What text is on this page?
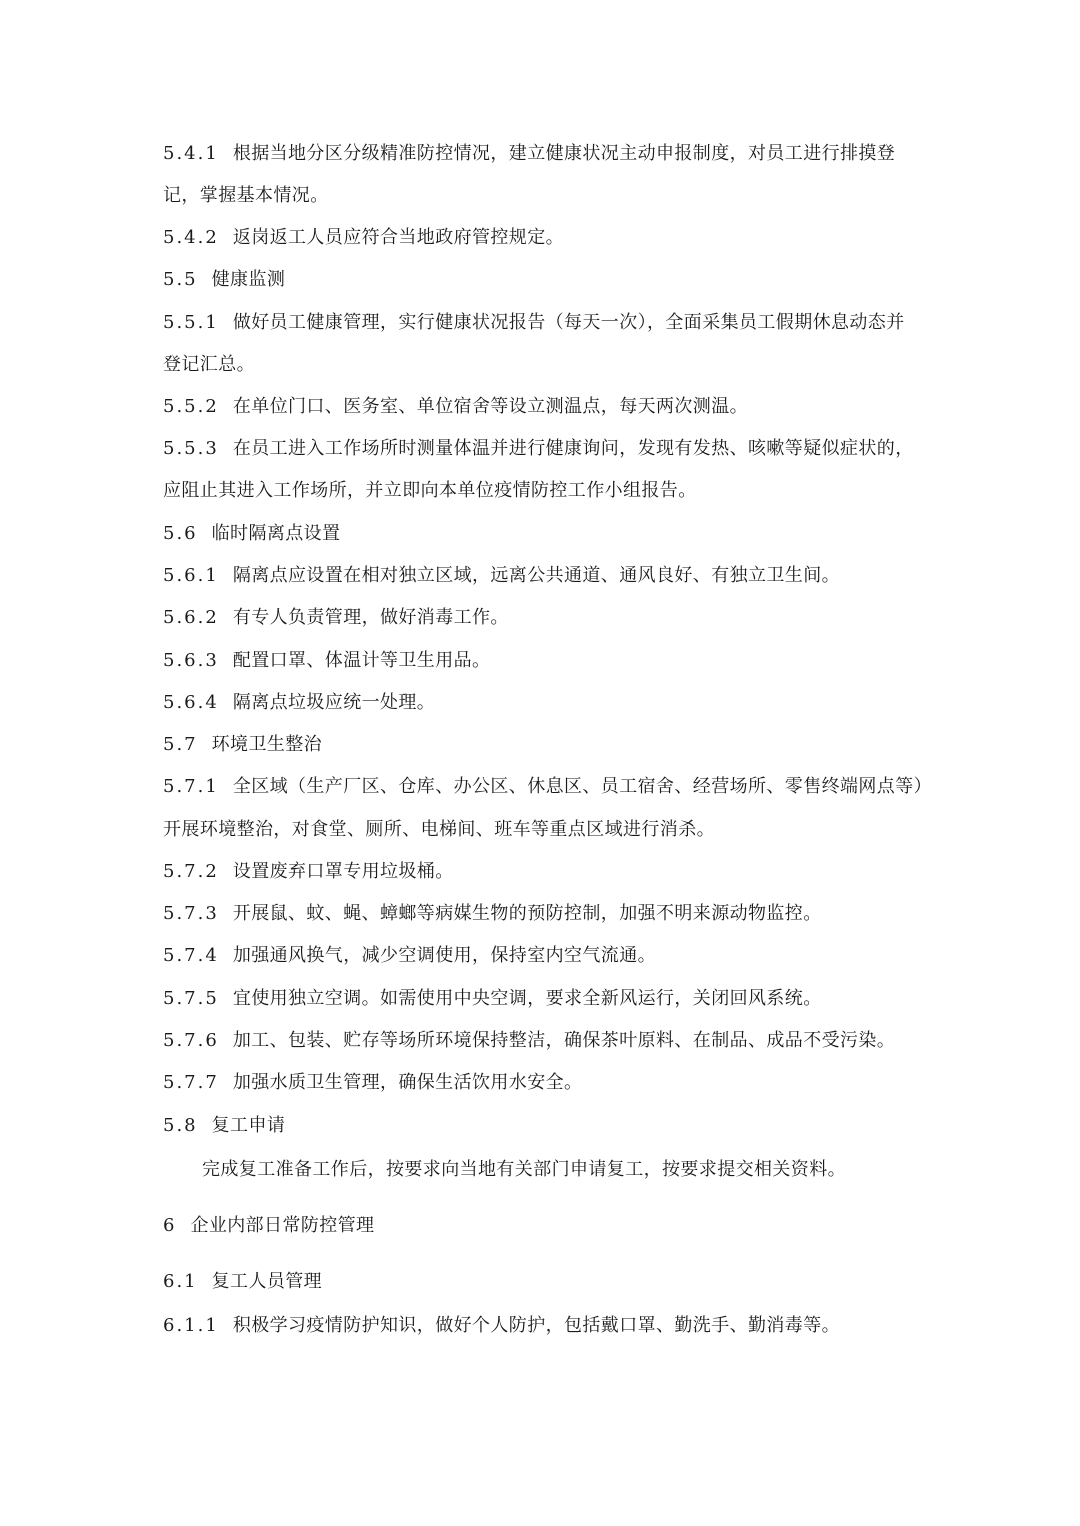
5.4.1 根据当地分区分级精准防控情况，建立健康状况主动申报制度，对员工进行排摸登
记，掌握基本情况。
5.4.2 返岗返工人员应符合当地政府管控规定。
5.5 健康监测
5.5.1 做好员工健康管理，实行健康状况报告（每天一次），全面采集员工假期休息动态并
登记汇总。
5.5.2 在单位门口、医务室、单位宿舍等设立测温点，每天两次测温。
5.5.3 在员工进入工作场所时测量体温并进行健康询问，发现有发热、咳嗽等疑似症状的，
应阻止其进入工作场所，并立即向本单位疫情防控工作小组报告。
5.6 临时隔离点设置
5.6.1 隔离点应设置在相对独立区域，远离公共通道、通风良好、有独立卫生间。
5.6.2 有专人负责管理，做好消毒工作。
5.6.3 配置口罩、体温计等卫生用品。
5.6.4 隔离点垃圾应统一处理。
5.7 环境卫生整治
5.7.1 全区域（生产厂区、仓库、办公区、休息区、员工宿舍、经营场所、零售终端网点等）
开展环境整治，对食堂、厕所、电梯间、班车等重点区域进行消杀。
5.7.2 设置废弃口罩专用垃圾桶。
5.7.3 开展鼠、蚊、蝇、蟑螂等病媒生物的预防控制，加强不明来源动物监控。
5.7.4 加强通风换气，减少空调使用，保持室内空气流通。
5.7.5 宜使用独立空调。如需使用中央空调，要求全新风运行，关闭回风系统。
5.7.6 加工、包装、贮存等场所环境保持整洁，确保茶叶原料、在制品、成品不受污染。
5.7.7 加强水质卫生管理，确保生活饮用水安全。
5.8 复工申请
完成复工准备工作后，按要求向当地有关部门申请复工，按要求提交相关资料。
6 企业内部日常防控管理
6.1 复工人员管理
6.1.1 积极学习疫情防护知识，做好个人防护，包括戴口罩、勤洗手、勤消毒等。
